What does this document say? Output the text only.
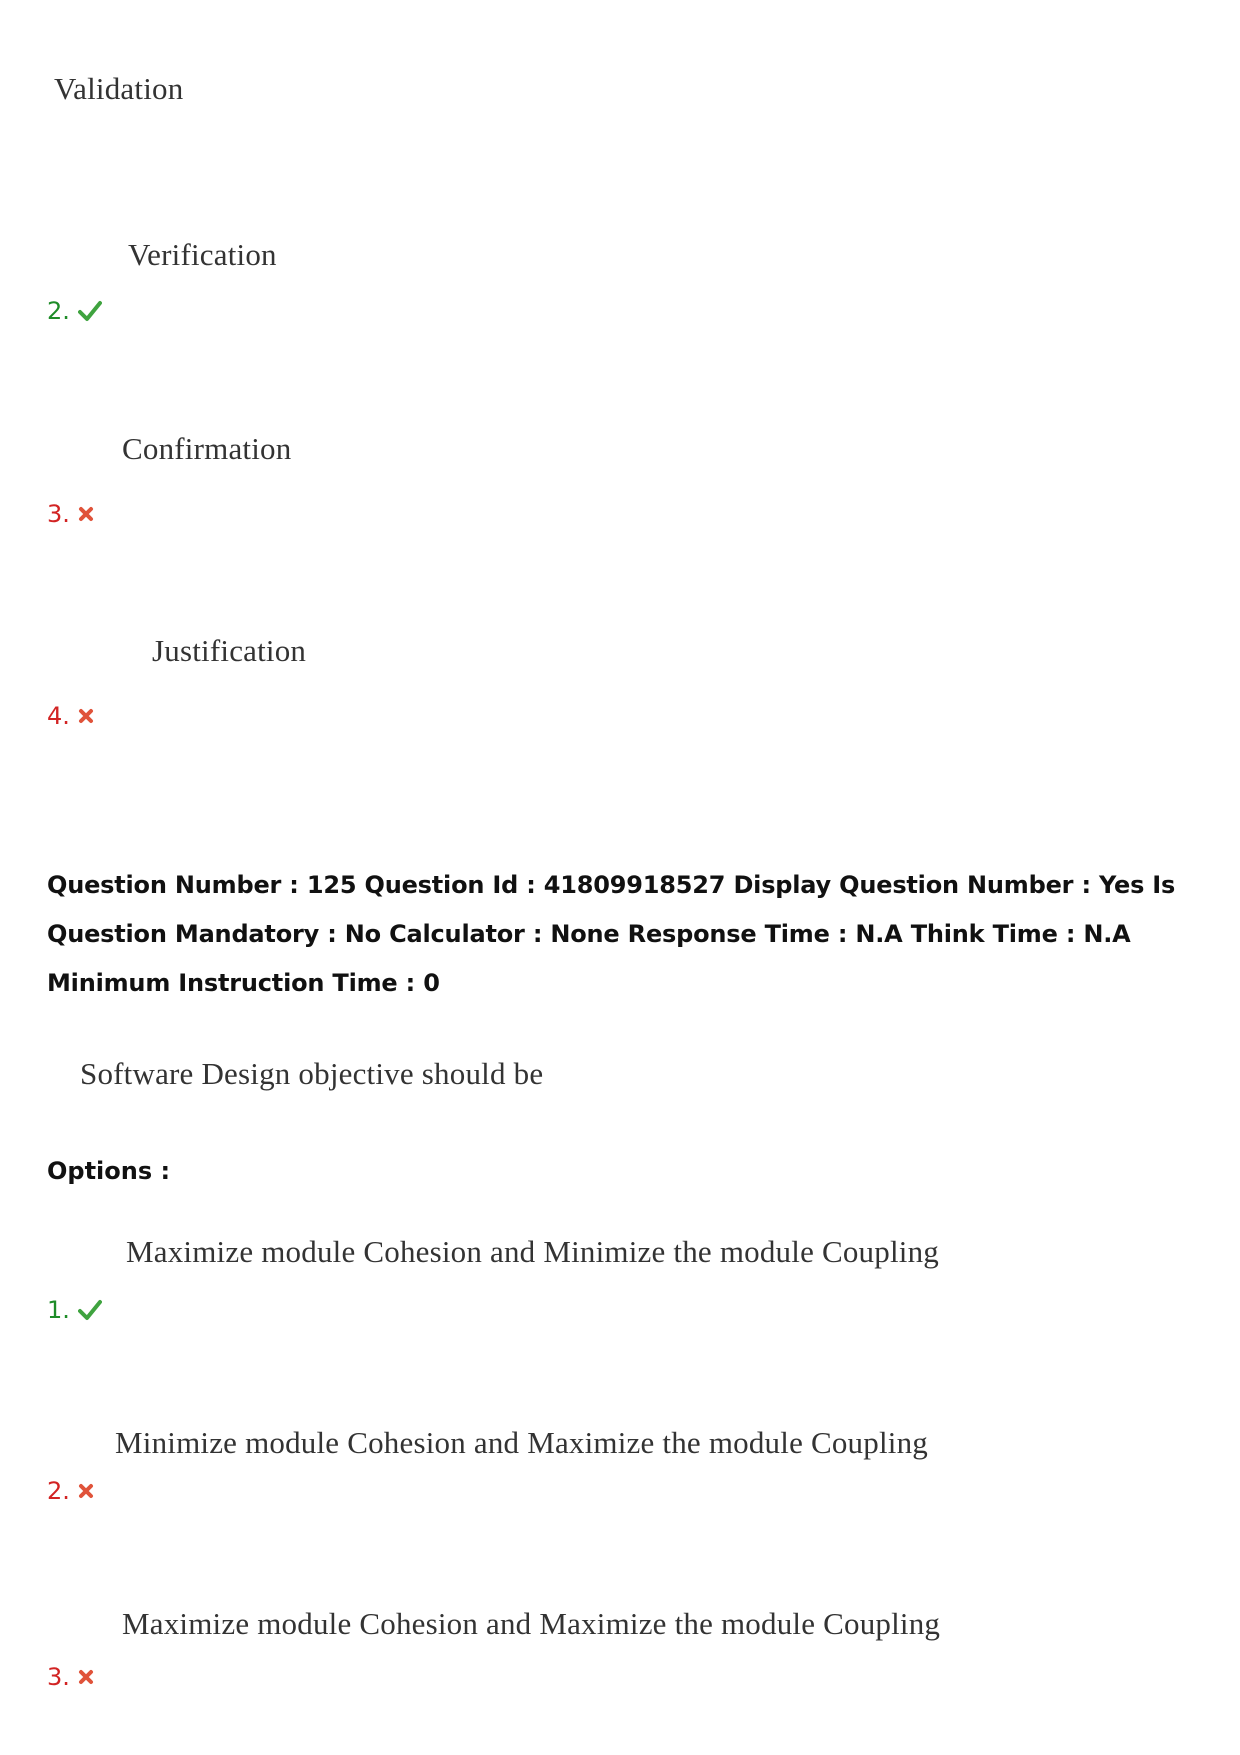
Validation
Verification
2.
Confirmation
3.
Justification
4.
Question Number : 125 Question Id : 41809918527 Display Question Number : Yes Is Question Mandatory : No Calculator : None Response Time : N.A Think Time : N.A Minimum Instruction Time : 0
Software Design objective should be
Options :
Maximize module Cohesion and Minimize the module Coupling
1.
Minimize module Cohesion and Maximize the module Coupling
2.
Maximize module Cohesion and Maximize the module Coupling
3.
